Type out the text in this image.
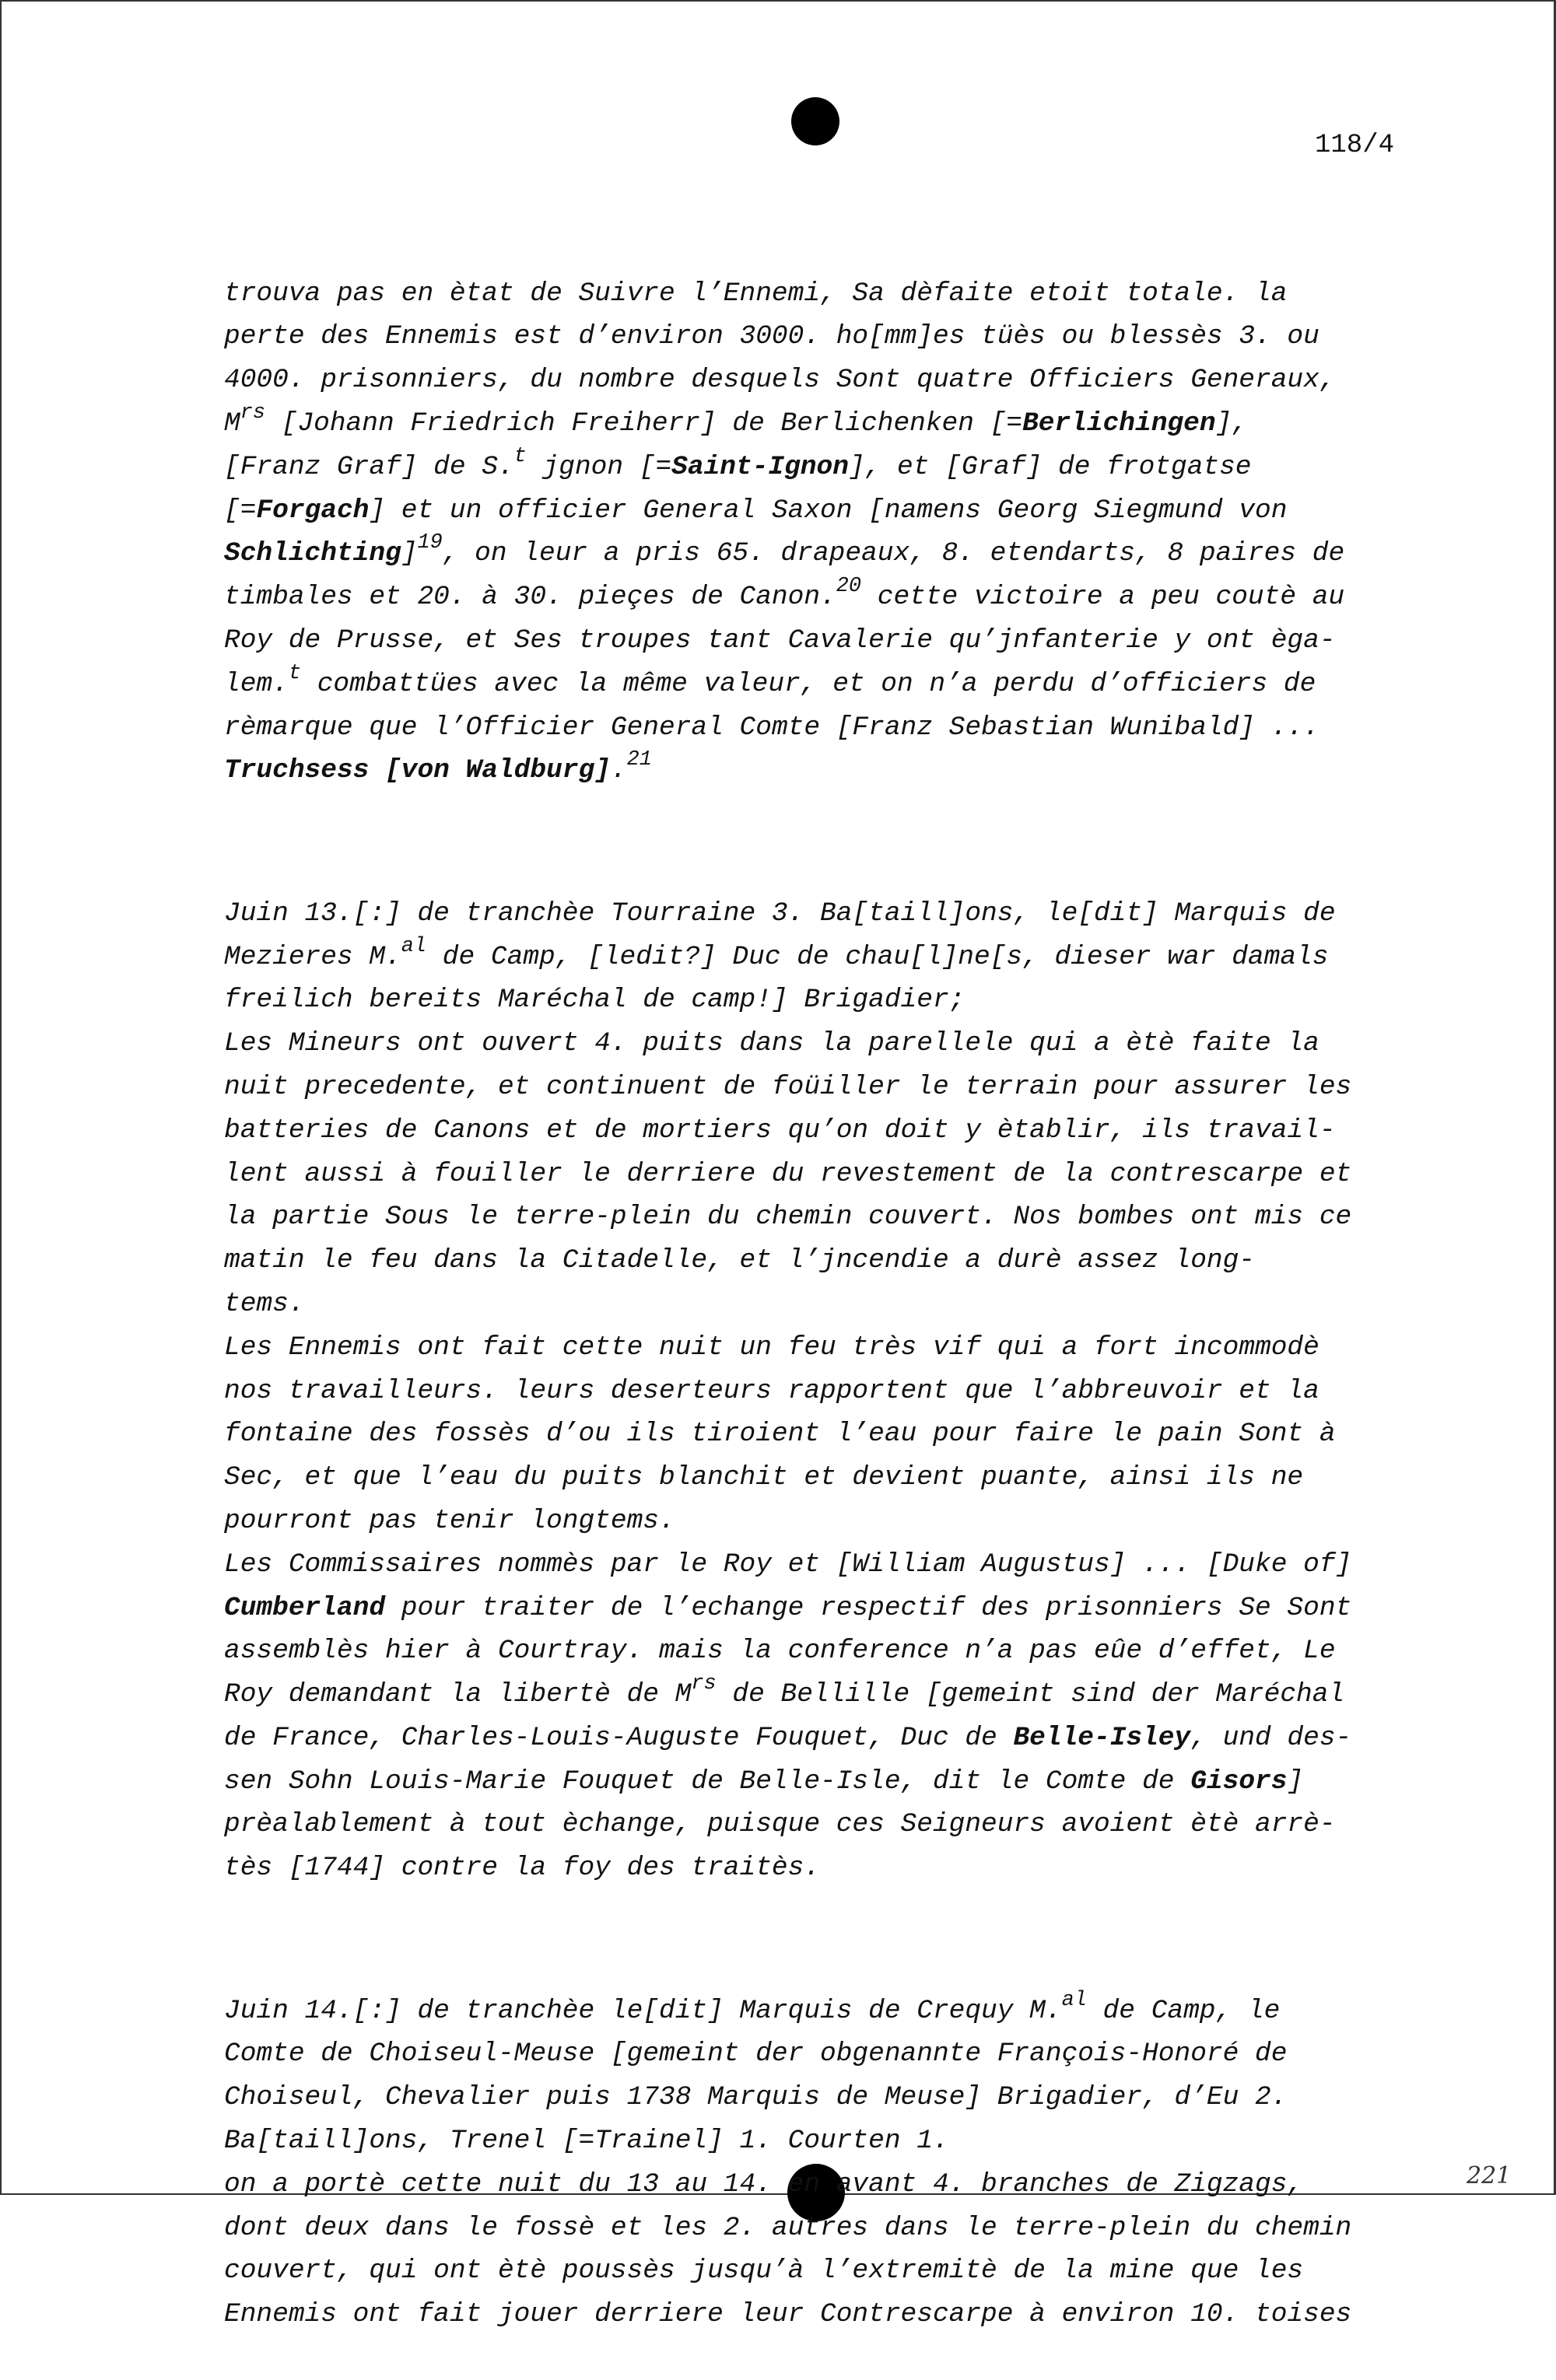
118/4

trouva pas en ètat de Suivre l’Ennemi, Sa dèfaite etoit totale. la
perte des Ennemis est d’environ 3000. ho[mm]es tüès ou blessès 3. ou
4000. prisonniers, du nombre desquels Sont quatre Officiers Generaux,
$M^{rs}$ [Johann Friedrich Freiherr] de Berlichenken [=Berlichingen],
[Franz Graf] de S.$^t$ jgnon [=Saint-Ignon], et [Graf] de frotgatse
[=Forgach] et un officier General Saxon [namens Georg Siegmund von
Schlichting]$^{19}$, on leur a pris 65. drapeaux, 8. etendarts, 8 paires de
timbales et 20. à 30. pieçes de Canon.$^{20}$ cette victoire a peu coutè au
Roy de Prusse, et Ses troupes tant Cavalerie qu’jnfanterie y ont èga-
lem.$^t$ combattües avec la même valeur, et on n’a perdu d’officiers de
rèmarque que l’Officier General Comte [Franz Sebastian Wunibald] ...
Truchsess [von Waldburg].$^{21}$

Juin 13.[:] de tranchèe Tourraine 3. Ba[taill]ons, le[dit] Marquis de
Mezieres M.$^{al}$ de Camp, [ledit?] Duc de chau[l]ne[s, dieser war damals
freilich bereits Maréchal de camp!] Brigadier;
Les Mineurs ont ouvert 4. puits dans la parellele qui a ètè faite la
nuit precedente, et continuent de foüiller le terrain pour assurer les
batteries de Canons et de mortiers qu’on doit y ètablir, ils travail-
lent aussi à fouiller le derriere du revestement de la contrescarpe et
la partie Sous le terre-plein du chemin couvert. Nos bombes ont mis ce
matin le feu dans la Citadelle, et l’jncendie a durè assez long-
tems.
Les Ennemis ont fait cette nuit un feu très vif qui a fort incommodè
nos travailleurs. leurs deserteurs rapportent que l’abbreuvoir et la
fontaine des fossès d’ou ils tiroient l’eau pour faire le pain Sont à
Sec, et que l’eau du puits blanchit et devient puante, ainsi ils ne
pourront pas tenir longtems.
Les Commissaires nommès par le Roy et [William Augustus] ... [Duke of]
Cumberland pour traiter de l’echange respectif des prisonniers Se Sont
assemblès hier à Courtray. mais la conference n’a pas eûe d’effet, Le
Roy demandant la libertè de $M^{rs}$ de Bellille [gemeint sind der Maréchal
de France, Charles-Louis-Auguste Fouquet, Duc de Belle-Isley, und des-
sen Sohn Louis-Marie Fouquet de Belle-Isle, dit le Comte de Gisors]
prèalablement à tout èchange, puisque ces Seigneurs avoient ètè arrè-
tès [1744] contre la foy des traitès.

Juin 14.[:] de tranchèe le[dit] Marquis de Crequy M.$^{al}$ de Camp, le
Comte de Choiseul-Meuse [gemeint der obgenannte François-Honoré de
Choiseul, Chevalier puis 1738 Marquis de Meuse] Brigadier, d’Eu 2.
Ba[taill]ons, Trenel [=Trainel] 1. Courten 1.
on a portè cette nuit du 13 au 14. en avant 4. branches de Zigzags,
dont deux dans le fossè et les 2. autres dans le terre-plein du chemin
couvert, qui ont ètè poussès jusqu’à l’extremitè de la mine que les
Ennemis ont fait jouer derriere leur Contrescarpe à environ 10. toises

221
